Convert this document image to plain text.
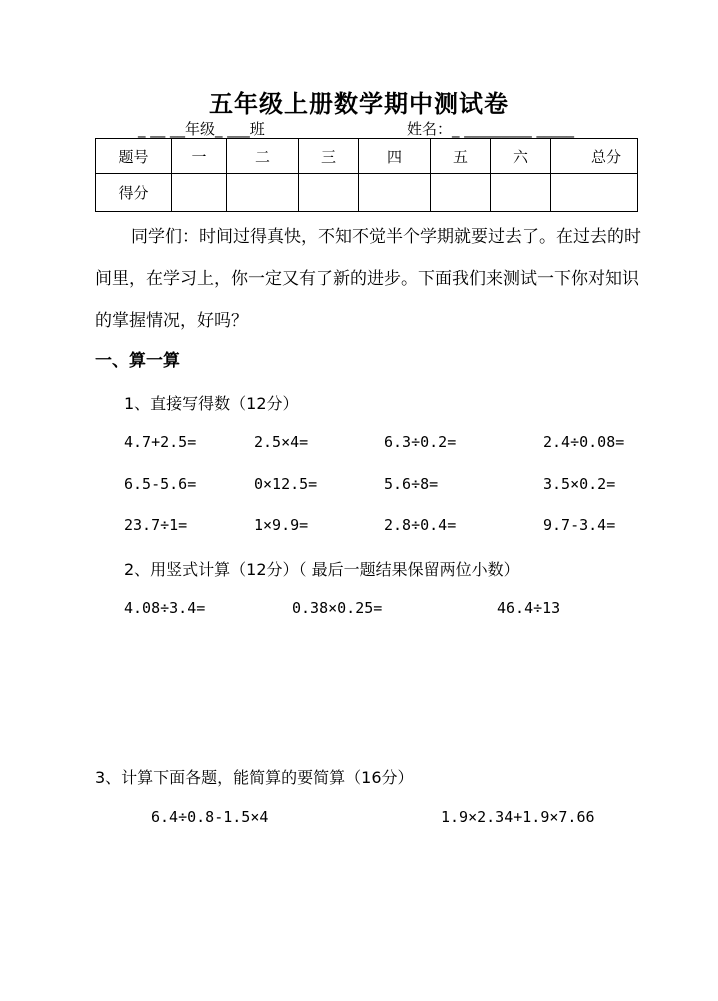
五年级上册数学期中测试卷
_ __ __年级_ ___班	姓名：_ _________ _____
题号	一	二	三	四	五	六	总分
得分							
同学们：时间过得真快，不知不觉半个学期就要过去了。在过去的时间里，在学习上，你一定又有了新的进步。下面我们来测试一下你对知识的掌握情况，好吗？
一、算一算
1、直接写得数（12分）
4.7+2.5=	2.5×4=	6.3÷0.2=	2.4÷0.08=
6.5-5.6=	0×12.5=	5.6÷8=	3.5×0.2=
23.7÷1=	1×9.9=	2.8÷0.4=	9.7-3.4=
2、用竖式计算（12分）（ 最后一题结果保留两位小数）
4.08÷3.4=	0.38×0.25=	46.4÷13
3、计算下面各题，能简算的要简算（16分）
6.4÷0.8-1.5×4	1.9×2.34+1.9×7.66
